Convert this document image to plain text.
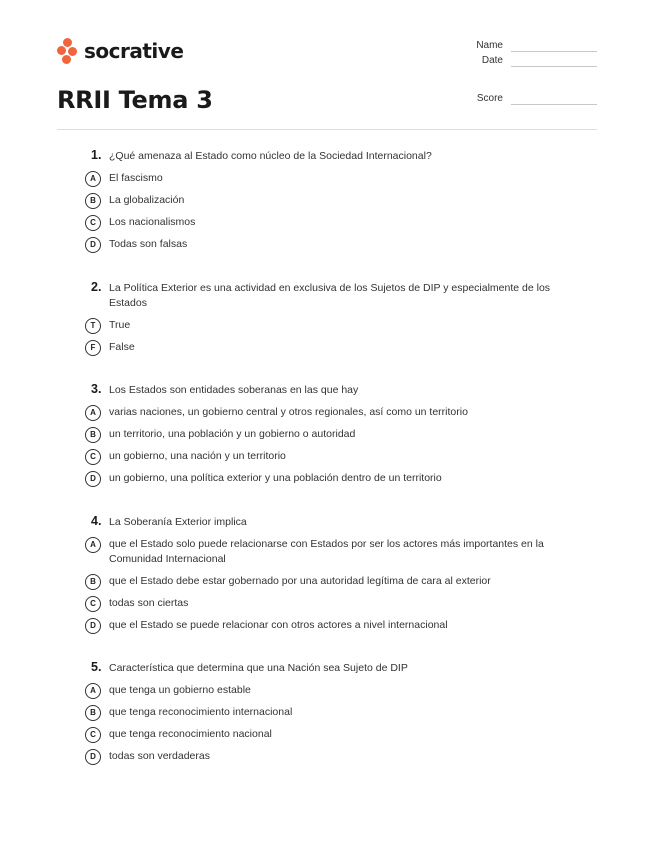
socrative
RRII Tema 3
Name
Date
Score
1. ¿Qué amenaza al Estado como núcleo de la Sociedad Internacional?
A	El fascismo
B	La globalización
C	Los nacionalismos
D	Todas son falsas
2. La Política Exterior es una actividad en exclusiva de los Sujetos de DIP y especialmente de los Estados
T	True
F	False
3. Los Estados son entidades soberanas en las que hay
A	varias naciones, un gobierno central y otros regionales, así como un territorio
B	un territorio, una población y un gobierno o autoridad
C	un gobierno, una nación y un territorio
D	un gobierno, una política exterior y una población dentro de un territorio
4. La Soberanía Exterior implica
A	que el Estado solo puede relacionarse con Estados por ser los actores más importantes en la Comunidad Internacional
B	que el Estado debe estar gobernado por una autoridad legítima de cara al exterior
C	todas son ciertas
D	que el Estado se puede relacionar con otros actores a nivel internacional
5. Característica que determina que una Nación sea Sujeto de DIP
A	que tenga un gobierno estable
B	que tenga reconocimiento internacional
C	que tenga reconocimiento nacional
D	todas son verdaderas
